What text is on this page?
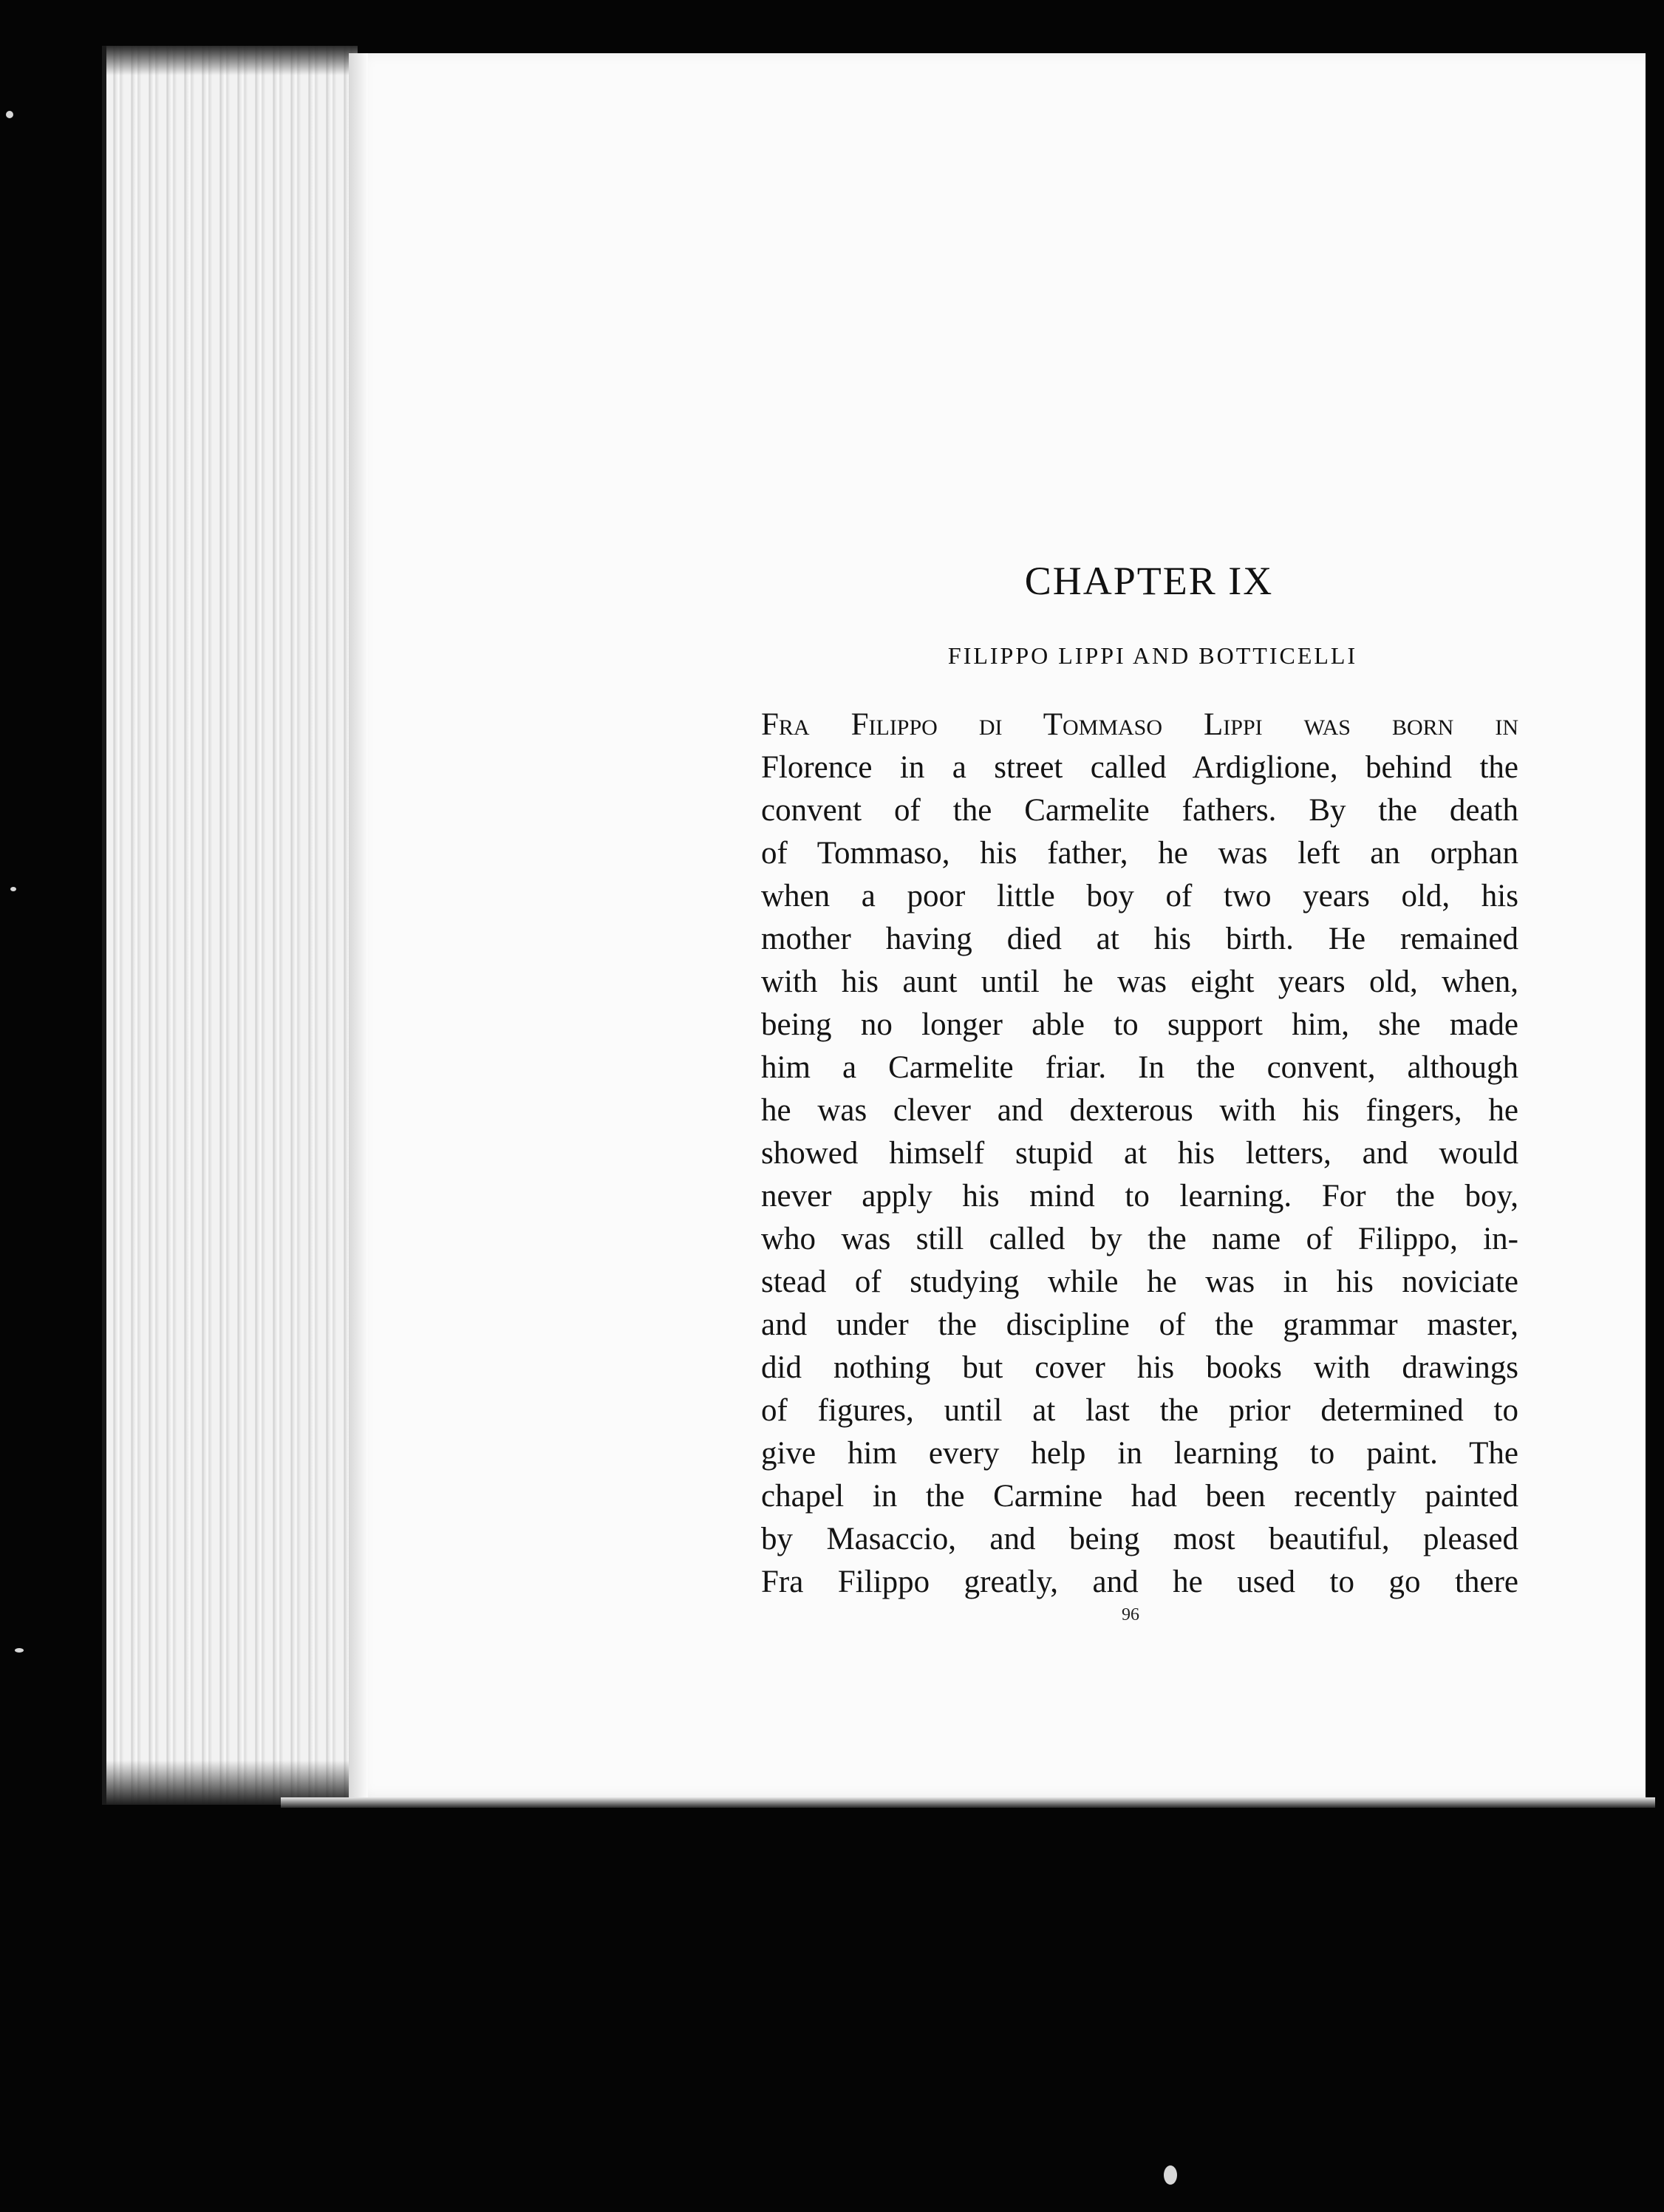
CHAPTER IX
FILIPPO LIPPI AND BOTTICELLI
Fra Filippo di Tommaso Lippi was born in
Florence in a street called Ardiglione, behind the
convent of the Carmelite fathers. By the death
of Tommaso, his father, he was left an orphan
when a poor little boy of two years old, his
mother having died at his birth. He remained
with his aunt until he was eight years old, when,
being no longer able to support him, she made
him a Carmelite friar. In the convent, although
he was clever and dexterous with his fingers, he
showed himself stupid at his letters, and would
never apply his mind to learning. For the boy,
who was still called by the name of Filippo, in-
stead of studying while he was in his noviciate
and under the discipline of the grammar master,
did nothing but cover his books with drawings
of figures, until at last the prior determined to
give him every help in learning to paint. The
chapel in the Carmine had been recently painted
by Masaccio, and being most beautiful, pleased
Fra Filippo greatly, and he used to go there
96
